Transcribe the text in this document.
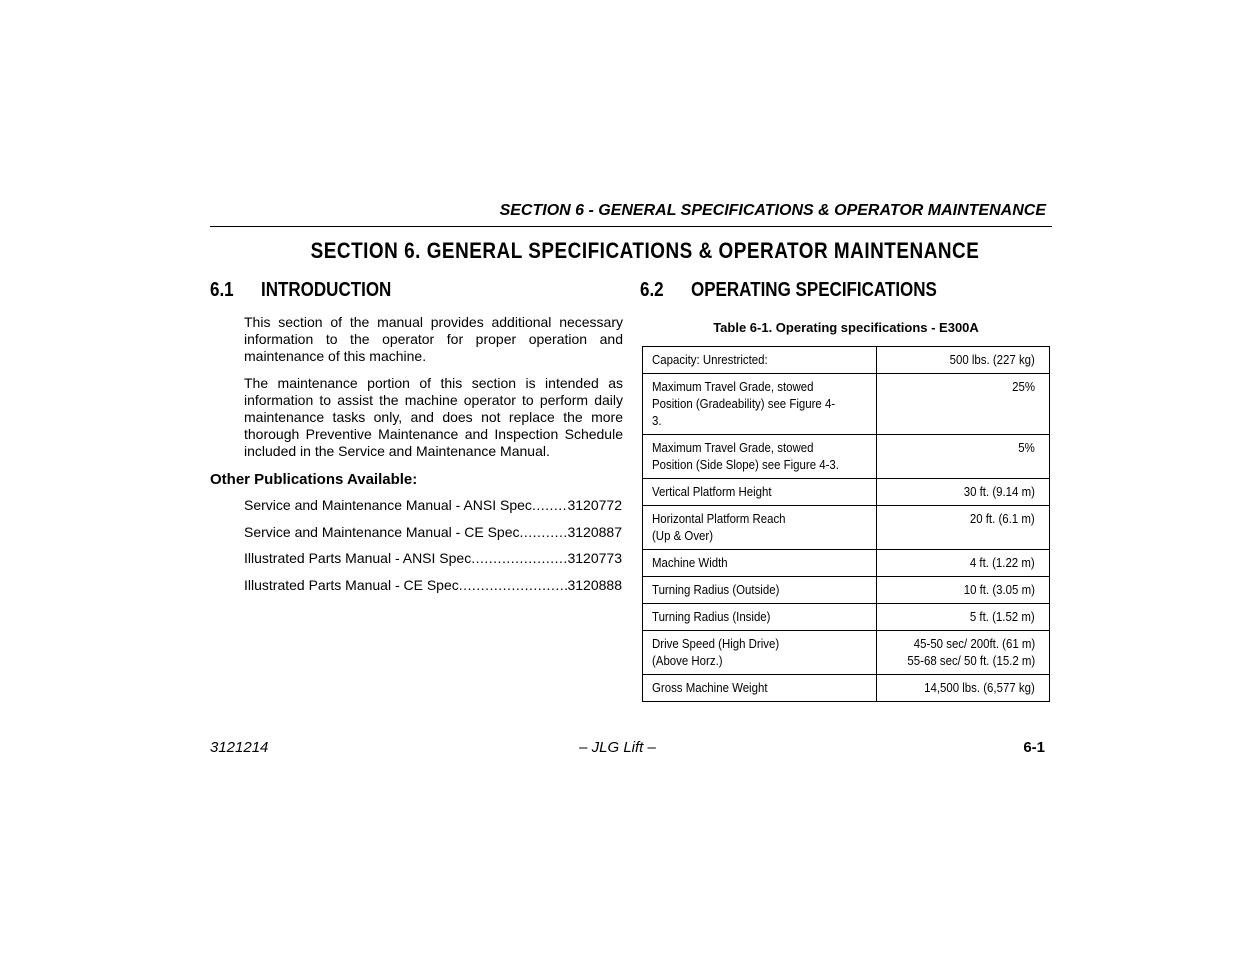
SECTION 6 - GENERAL SPECIFICATIONS & OPERATOR MAINTENANCE
SECTION 6. GENERAL SPECIFICATIONS & OPERATOR MAINTENANCE
6.1 INTRODUCTION	6.2 OPERATING SPECIFICATIONS

This section of the manual provides additional necessary information to the operator for proper operation and maintenance of this machine.

The maintenance portion of this section is intended as information to assist the machine operator to perform daily maintenance tasks only, and does not replace the more thorough Preventive Maintenance and Inspection Schedule included in the Service and Maintenance Manual.

Other Publications Available:
Service and Maintenance Manual - ANSI Spec .....	3120772
Service and Maintenance Manual - CE Spec .....	3120887
Illustrated Parts Manual - ANSI Spec .....	3120773
Illustrated Parts Manual - CE Spec .....	3120888
Table 6-1. Operating specifications - E300A
Capacity: Unrestricted:	500 lbs. (227 kg)
Maximum Travel Grade, stowed
Position (Gradeability) see Figure 4-3.	25%
Maximum Travel Grade, stowed
Position (Side Slope) see Figure 4-3.	5%
Vertical Platform Height	30 ft. (9.14 m)
Horizontal Platform Reach
(Up & Over)	20 ft. (6.1 m)
Machine Width	4 ft. (1.22 m)
Turning Radius (Outside)	10 ft. (3.05 m)
Turning Radius (Inside)	5 ft. (1.52 m)
Drive Speed (High Drive)
(Above Horz.)	45-50 sec/ 200ft. (61 m)
55-68 sec/ 50 ft. (15.2 m)
Gross Machine Weight	14,500 lbs. (6,577 kg)
– JLG Lift –
3121214	6-1
